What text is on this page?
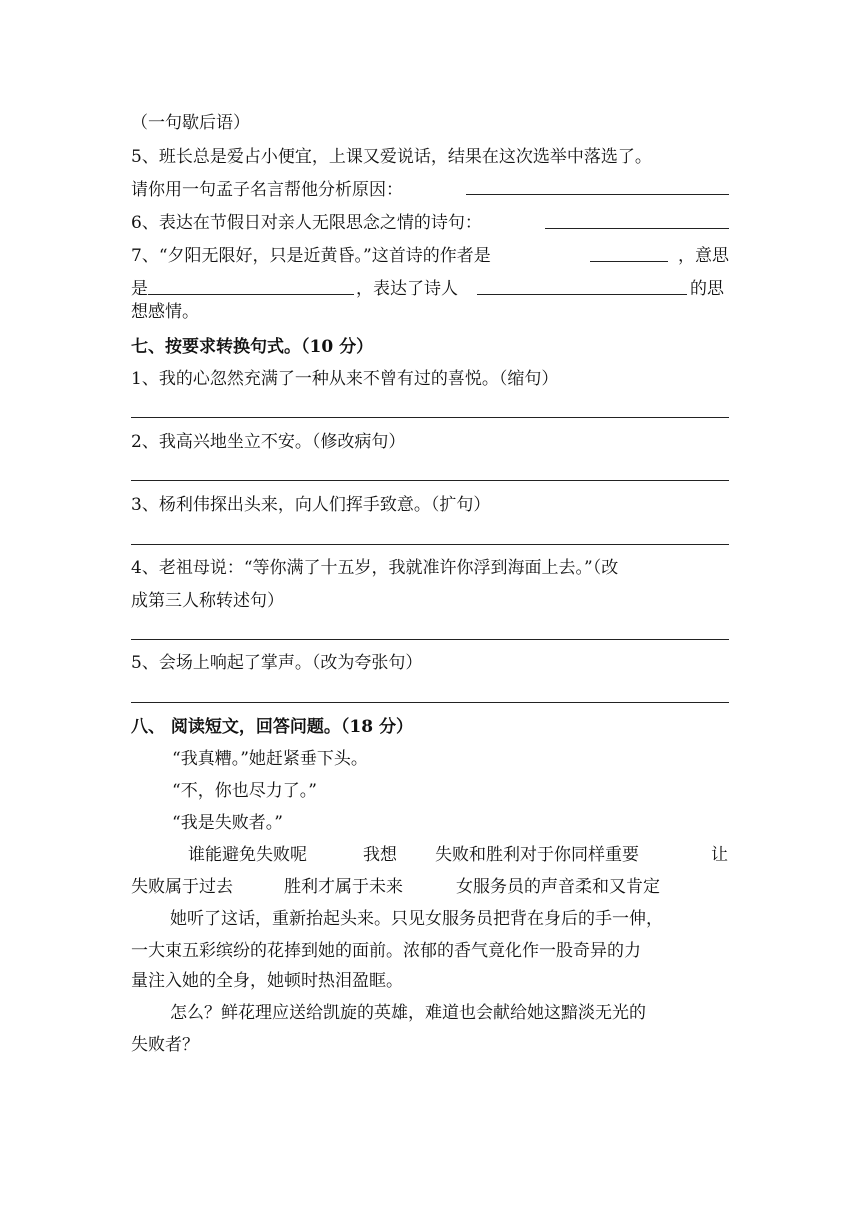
（一句歇后语）
5、班长总是爱占小便宜，上课又爱说话，结果在这次选举中落选了。
请你用一句孟子名言帮他分析原因：
6、表达在节假日对亲人无限思念之情的诗句：
7、“夕阳无限好，只是近黄昏。”这首诗的作者是	，意思
是	，表达了诗人	的思
想感情。
七、按要求转换句式。（10 分）
1、我的心忽然充满了一种从来不曾有过的喜悦。（缩句）
2、我高兴地坐立不安。（修改病句）
3、杨利伟探出头来，向人们挥手致意。（扩句）
4、老祖母说：“等你满了十五岁，我就准许你浮到海面上去。”（改
成第三人称转述句）
5、会场上响起了掌声。（改为夸张句）
八、 阅读短文，回答问题。（18 分）
“我真糟。”她赶紧垂下头。
“不，你也尽力了。”
“我是失败者。”
谁能避免失败呢	我想 失败和胜利对于你同样重要	让
失败属于过去	胜利才属于未来	女服务员的声音柔和又肯定
她听了这话，重新抬起头来。只见女服务员把背在身后的手一伸，
一大束五彩缤纷的花捧到她的面前。浓郁的香气竟化作一股奇异的力
量注入她的全身，她顿时热泪盈眶。
怎么？鲜花理应送给凯旋的英雄，难道也会献给她这黯淡无光的
失败者？
